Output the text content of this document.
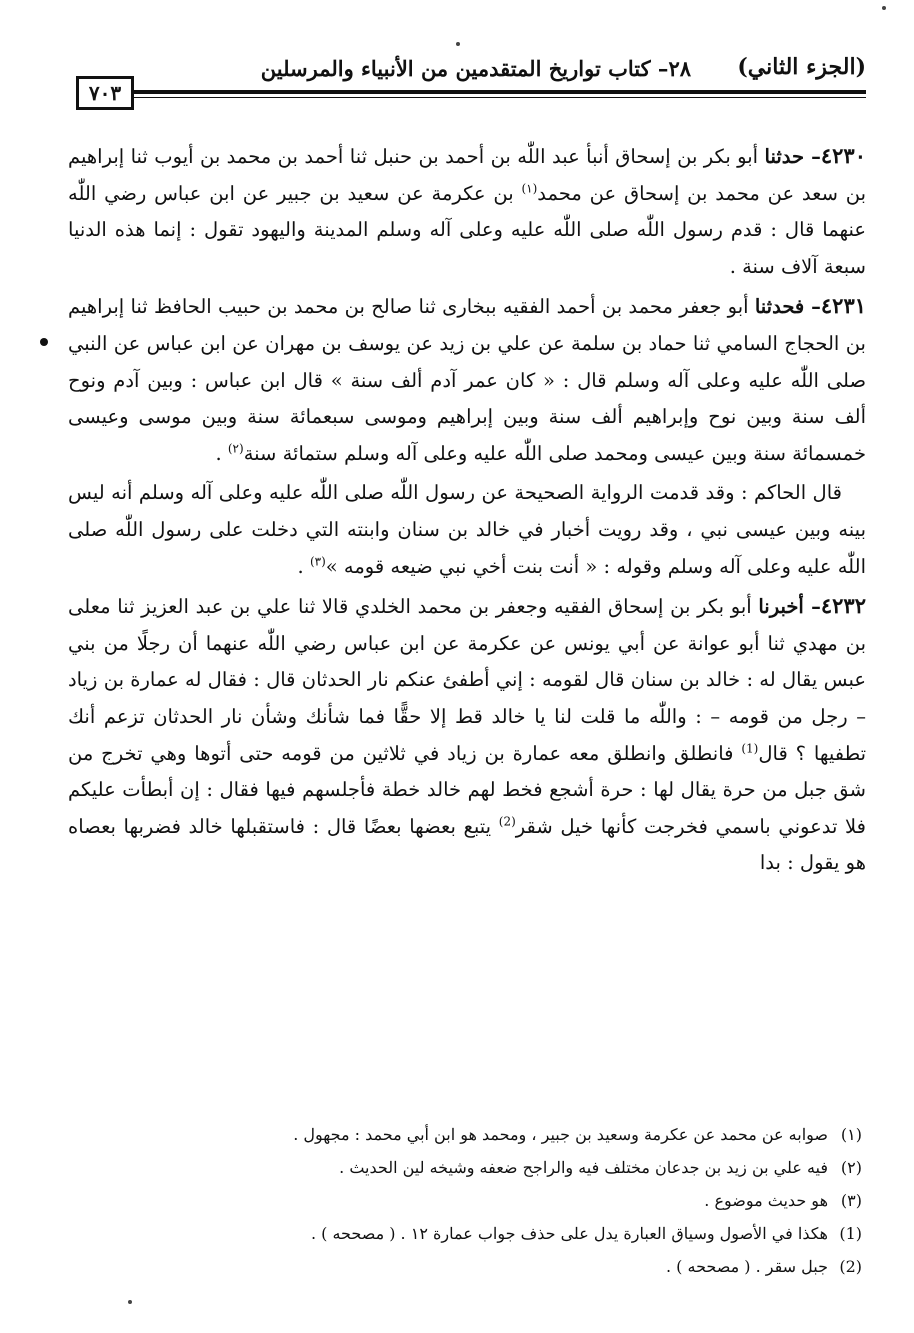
(الجزء الثاني)
٢٨– كتاب تواريخ المتقدمين من الأنبياء والمرسلين
٧٠٣

٤٢٣٠– حدثنا أبو بكر بن إسحاق أنبأ عبد اللّٰه بن أحمد بن حنبل ثنا أحمد بن محمد بن أيوب ثنا إبراهيم بن سعد عن محمد بن إسحاق عن محمد$^{(١)}$ بن عكرمة عن سعيد بن جبير عن ابن عباس رضي اللّٰه عنهما قال : قدم رسول اللّٰه صلى اللّٰه عليه وعلى آله وسلم المدينة واليهود تقول : إنما هذه الدنيا سبعة آلاف سنة .

٤٢٣١– فحدثنا أبو جعفر محمد بن أحمد الفقيه ببخارى ثنا صالح بن محمد بن حبيب الحافظ ثنا إبراهيم بن الحجاج السامي ثنا حماد بن سلمة عن علي بن زيد عن يوسف بن مهران عن ابن عباس عن النبي صلى اللّٰه عليه وعلى آله وسلم قال : « كان عمر آدم ألف سنة » قال ابن عباس : وبين آدم ونوح ألف سنة وبين نوح وإبراهيم ألف سنة وبين إبراهيم وموسى سبعمائة سنة وبين موسى وعيسى خمسمائة سنة وبين عيسى ومحمد صلى اللّٰه عليه وعلى آله وسلم ستمائة سنة$^{(٢)}$ .

قال الحاكم : وقد قدمت الرواية الصحيحة عن رسول اللّٰه صلى اللّٰه عليه وعلى آله وسلم أنه ليس بينه وبين عيسى نبي ، وقد رويت أخبار في خالد بن سنان وابنته التي دخلت على رسول اللّٰه صلى اللّٰه عليه وعلى آله وسلم وقوله : « أنت بنت أخي نبي ضيعه قومه »$^{(٣)}$ .

٤٢٣٢– أخبرنا أبو بكر بن إسحاق الفقيه وجعفر بن محمد الخلدي قالا ثنا علي بن عبد العزيز ثنا معلى بن مهدي ثنا أبو عوانة عن أبي يونس عن عكرمة عن ابن عباس رضي اللّٰه عنهما أن رجلًا من بني عبس يقال له : خالد بن سنان قال لقومه : إني أطفئ عنكم نار الحدثان قال : فقال له عمارة بن زياد – رجل من قومه – : واللّٰه ما قلت لنا يا خالد قط إلا حقًّا فما شأنك وشأن نار الحدثان تزعم أنك تطفيها ؟ قال$^{(1)}$ فانطلق وانطلق معه عمارة بن زياد في ثلاثين من قومه حتى أتوها وهي تخرج من شق جبل من حرة يقال لها : حرة أشجع فخط لهم خالد خطة فأجلسهم فيها فقال : إن أبطأت عليكم فلا تدعوني باسمي فخرجت كأنها خيل شقر$^{(2)}$ يتبع بعضها بعضًا قال : فاستقبلها خالد فضربها بعصاه هو يقول : بدا

(١)صوابه عن محمد عن عكرمة وسعيد بن جبير ، ومحمد هو ابن أبي محمد : مجهول .
(٢)فيه علي بن زيد بن جدعان مختلف فيه والراجح ضعفه وشيخه لين الحديث .
(٣)هو حديث موضوع .
(1)هكذا في الأصول وسياق العبارة يدل على حذف جواب عمارة ١٢ . ( مصححه ) .
(2)جبل سقر . ( مصححه ) .
